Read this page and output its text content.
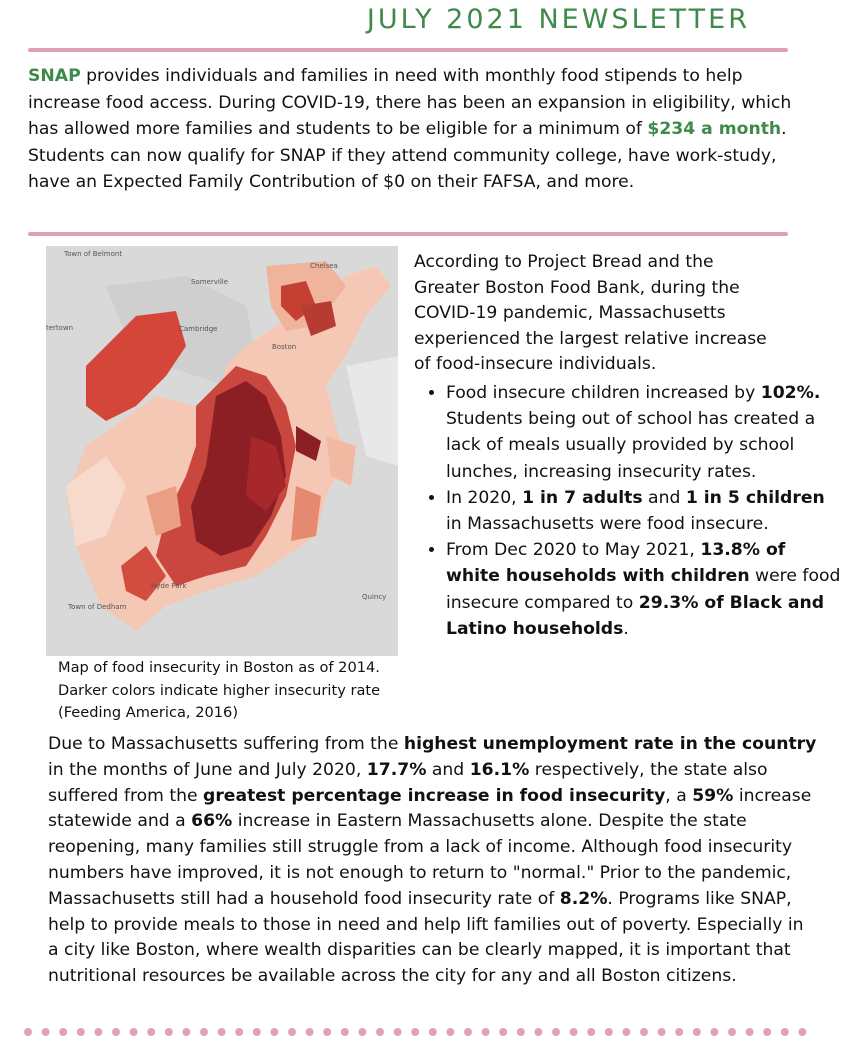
JULY 2021 NEWSLETTER

SNAP provides individuals and families in need with monthly food stipends to help increase food access. During COVID-19, there has been an expansion in eligibility, which has allowed more families and students to be eligible for a minimum of $234 a month. Students can now qualify for SNAP if they attend community college, have work-study, have an Expected Family Contribution of $0 on their FAFSA, and more.

Town of Belmont
Chelsea
Somerville
tertown	Cambridge
Boston
Quincy
Town of Dedham
Hyde Park

Map of food insecurity in Boston as of 2014.
Darker colors indicate higher insecurity rate
(Feeding America, 2016)

According to Project Bread and the
Greater Boston Food Bank, during the
COVID-19 pandemic, Massachusetts
experienced the largest relative increase
of food-insecure individuals.

• Food insecure children increased by 102%. Students being out of school has created a lack of meals usually provided by school lunches, increasing insecurity rates.
• In 2020, 1 in 7 adults and 1 in 5 children in Massachusetts were food insecure.
• From Dec 2020 to May 2021, 13.8% of white households with children were food insecure compared to 29.3% of Black and Latino households.

Due to Massachusetts suffering from the highest unemployment rate in the country in the months of June and July 2020, 17.7% and 16.1% respectively, the state also suffered from the greatest percentage increase in food insecurity, a 59% increase statewide and a 66% increase in Eastern Massachusetts alone. Despite the state reopening, many families still struggle from a lack of income. Although food insecurity numbers have improved, it is not enough to return to "normal." Prior to the pandemic, Massachusetts still had a household food insecurity rate of 8.2%. Programs like SNAP, help to provide meals to those in need and help lift families out of poverty. Especially in a city like Boston, where wealth disparities can be clearly mapped, it is important that nutritional resources be available across the city for any and all Boston citizens.
